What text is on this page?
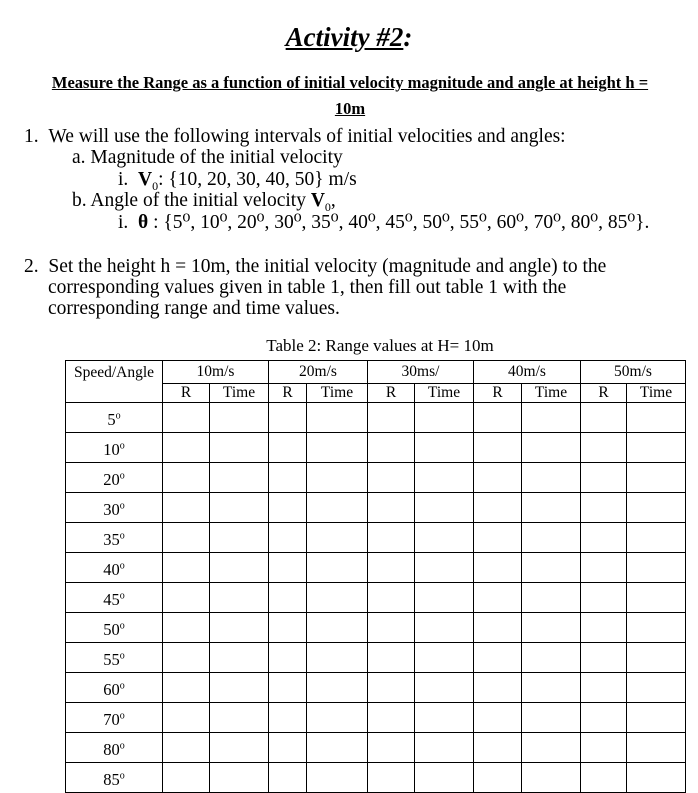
Activity #2:
Measure the Range as a function of initial velocity magnitude and angle at height h = 10m
1. We will use the following intervals of initial velocities and angles:
a. Magnitude of the initial velocity
i. $V_0$: {10, 20, 30, 40, 50} m/s
b. Angle of the initial velocity $V_0$,
i. θ : {5⁰, 10⁰, 20⁰, 30⁰, 35⁰, 40⁰, 45⁰, 50⁰, 55⁰, 60⁰, 70⁰, 80⁰, 85⁰}.
2. Set the height h = 10m, the initial velocity (magnitude and angle) to the
corresponding values given in table 1, then fill out table 1 with the
corresponding range and time values.
Table 2: Range values at H= 10m
Speed/Angle	10m/s		20m/s		30ms/		40m/s		50m/s	
	R	Time	R	Time	R	Time	R	Time	R	Time
5$^o$										
10$^o$										
20$^o$										
30$^o$										
35$^o$										
40$^o$										
45$^o$										
50$^o$										
55$^o$										
60$^o$										
70$^o$										
80$^o$										
85$^o$										
